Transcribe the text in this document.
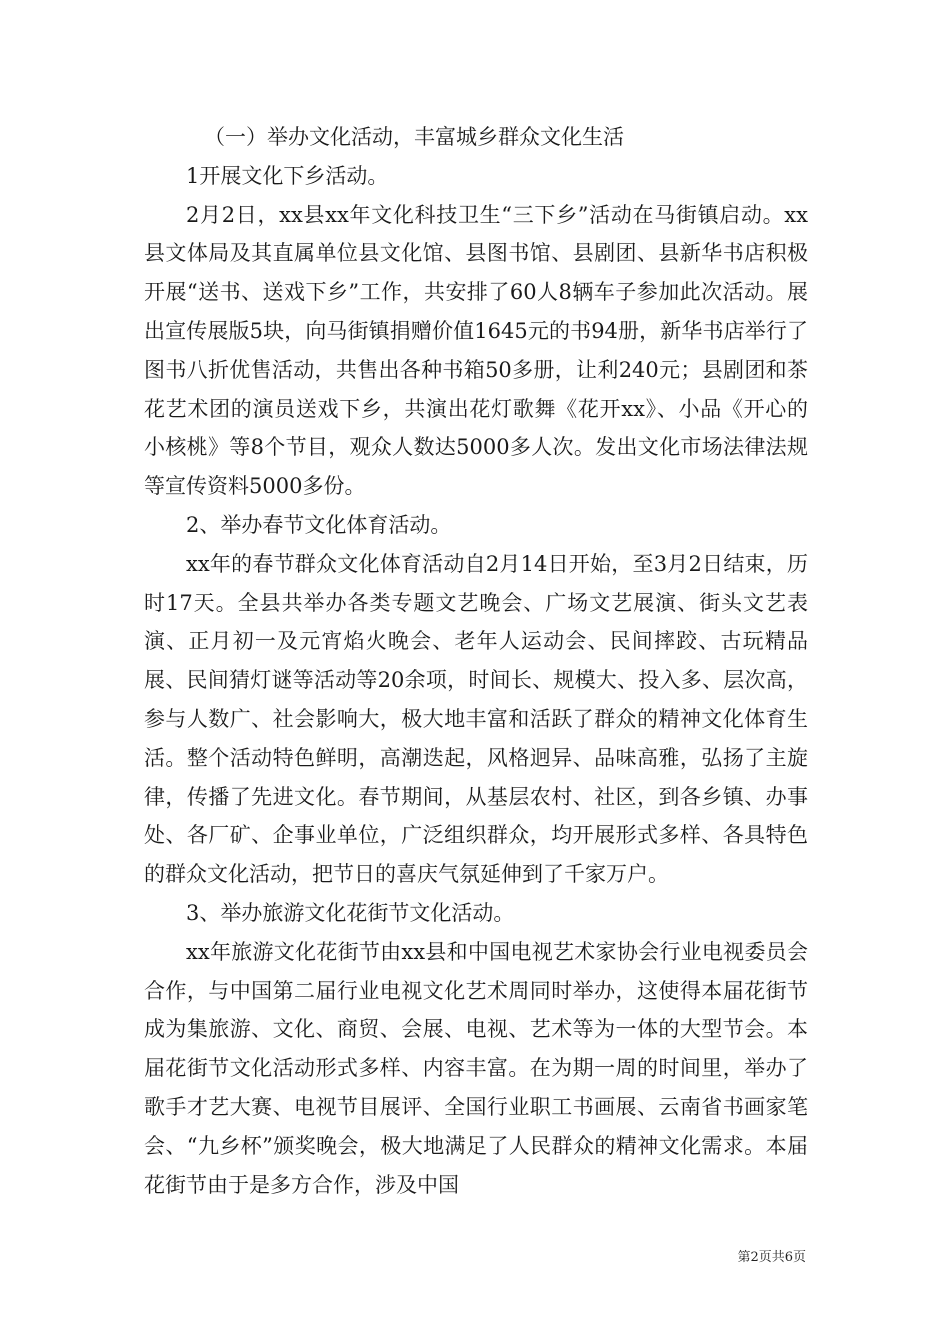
（一）举办文化活动，丰富城乡群众文化生活

1开展文化下乡活动。

2月2日，xx县xx年文化科技卫生“三下乡”活动在马街镇启动。xx县文体局及其直属单位县文化馆、县图书馆、县剧团、县新华书店积极开展“送书、送戏下乡”工作，共安排了60人8辆车子参加此次活动。展出宣传展版5块，向马街镇捐赠价值1645元的书94册，新华书店举行了图书八折优售活动，共售出各种书箱50多册，让利240元；县剧团和茶花艺术团的演员送戏下乡，共演出花灯歌舞《花开xx》、小品《开心的小核桃》等8个节目，观众人数达5000多人次。发出文化市场法律法规等宣传资料5000多份。

2、举办春节文化体育活动。

xx年的春节群众文化体育活动自2月14日开始，至3月2日结束，历时17天。全县共举办各类专题文艺晚会、广场文艺展演、街头文艺表演、正月初一及元宵焰火晚会、老年人运动会、民间摔跤、古玩精品展、民间猜灯谜等活动等20余项，时间长、规模大、投入多、层次高，参与人数广、社会影响大，极大地丰富和活跃了群众的精神文化体育生活。整个活动特色鲜明，高潮迭起，风格迥异、品味高雅，弘扬了主旋律，传播了先进文化。春节期间，从基层农村、社区，到各乡镇、办事处、各厂矿、企事业单位，广泛组织群众，均开展形式多样、各具特色的群众文化活动，把节日的喜庆气氛延伸到了千家万户。

3、举办旅游文化花街节文化活动。

xx年旅游文化花街节由xx县和中国电视艺术家协会行业电视委员会合作，与中国第二届行业电视文化艺术周同时举办，这使得本届花街节成为集旅游、文化、商贸、会展、电视、艺术等为一体的大型节会。本届花街节文化活动形式多样、内容丰富。在为期一周的时间里，举办了歌手才艺大赛、电视节目展评、全国行业职工书画展、云南省书画家笔会、“九乡杯”颁奖晚会，极大地满足了人民群众的精神文化需求。本届花街节由于是多方合作，涉及中国

第2页共6页
